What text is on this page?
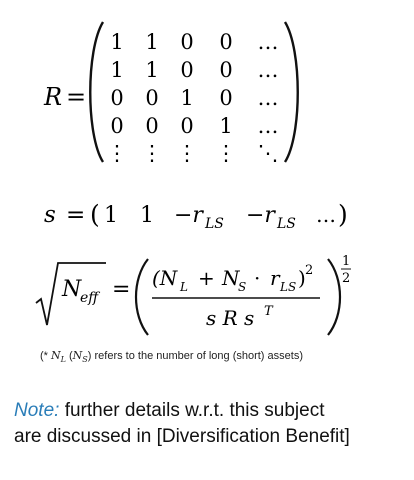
R =
1 1 0 0 …
1 1 0 0 …
0 0 1 0 …
0 0 0 1 …
⋮ ⋮ ⋮ ⋮ ⋱
s = ( 1 1 −r LS −r LS … )
N
eff = (N L + N
S · r LS ) 2
s R s T
1
2
(* $N_L$ $(N_S)$ refers to the number of long (short) assets)
Note: further details w.r.t. this subject
are discussed in [Diversification Benefit]
